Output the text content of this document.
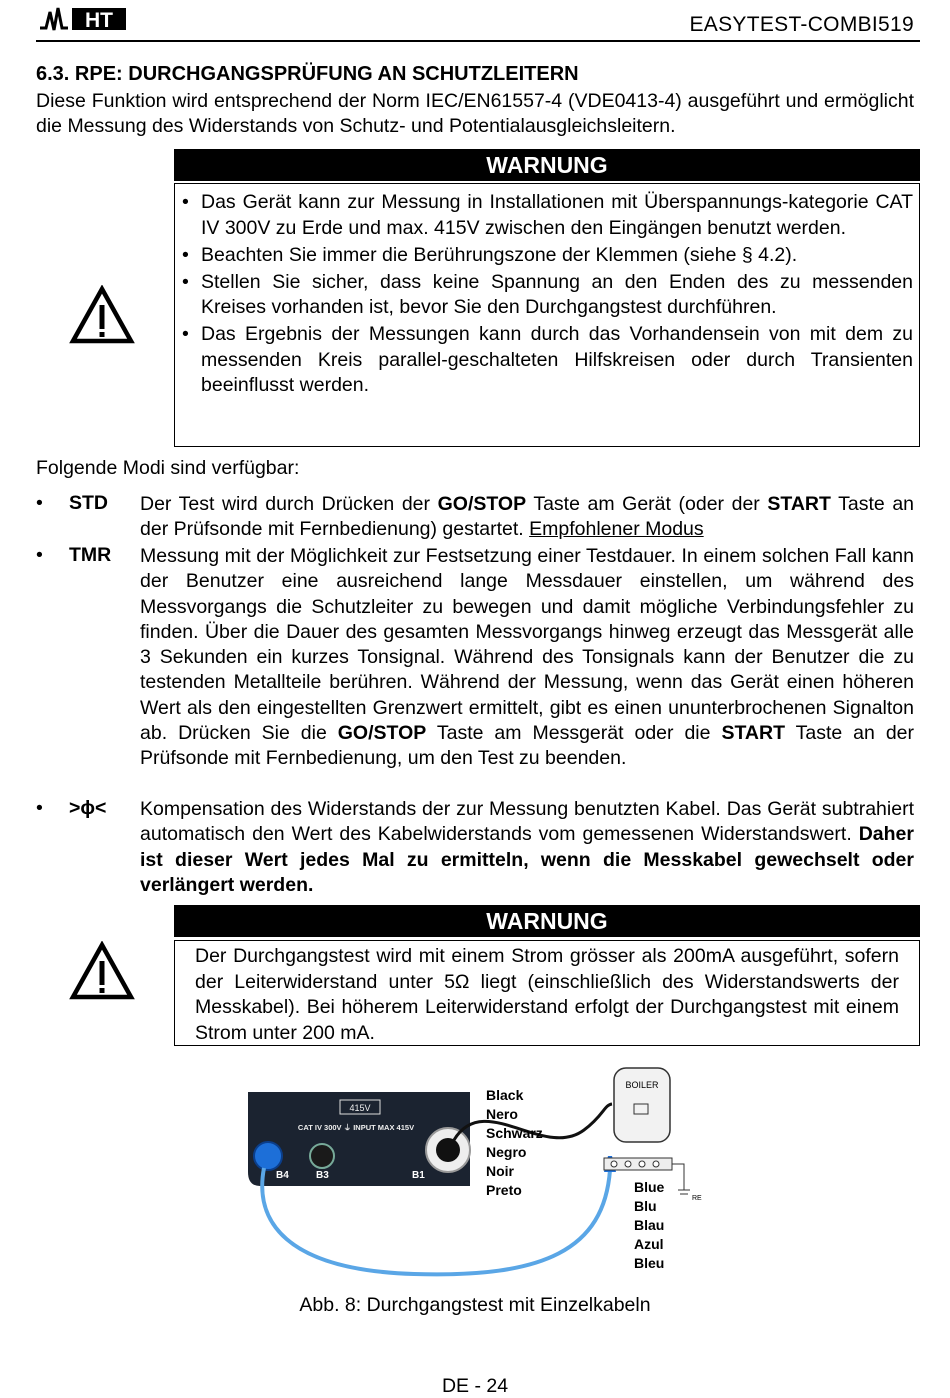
HT	EASYTEST-COMBI519
6.3. RPE: DURCHGANGSPRÜFUNG AN SCHUTZLEITERN
Diese Funktion wird entsprechend der Norm IEC/EN61557-4 (VDE0413-4) ausgeführt und ermöglicht die Messung des Widerstands von Schutz- und Potentialausgleichsleitern.
WARNUNG
• Das Gerät kann zur Messung in Installationen mit Überspannungs-kategorie CAT IV 300V zu Erde und max. 415V zwischen den Eingängen benutzt werden.
• Beachten Sie immer die Berührungszone der Klemmen (siehe § 4.2).
• Stellen Sie sicher, dass keine Spannung an den Enden des zu messenden Kreises vorhanden ist, bevor Sie den Durchgangstest durchführen.
• Das Ergebnis der Messungen kann durch das Vorhandensein von mit dem zu messenden Kreis parallel-geschalteten Hilfskreisen oder durch Transienten beeinflusst werden.
Folgende Modi sind verfügbar:
• STD Der Test wird durch Drücken der GO/STOP Taste am Gerät (oder der START Taste an der Prüfsonde mit Fernbedienung) gestartet. Empfohlener Modus
• TMR Messung mit der Möglichkeit zur Festsetzung einer Testdauer. In einem solchen Fall kann der Benutzer eine ausreichend lange Messdauer einstellen, um während des Messvorgangs die Schutzleiter zu bewegen und damit mögliche Verbindungsfehler zu finden. Über die Dauer des gesamten Messvorgangs hinweg erzeugt das Messgerät alle 3 Sekunden ein kurzes Tonsignal. Während des Tonsignals kann der Benutzer die zu testenden Metallteile berühren. Während der Messung, wenn das Gerät einen höheren Wert als den eingestellten Grenzwert ermittelt, gibt es einen ununterbrochenen Signalton ab. Drücken Sie die GO/STOP Taste am Messgerät oder die START Taste an der Prüfsonde mit Fernbedienung, um den Test zu beenden.
• >ϕ< Kompensation des Widerstands der zur Messung benutzten Kabel. Das Gerät subtrahiert automatisch den Wert des Kabelwiderstands vom gemessenen Widerstandswert. Daher ist dieser Wert jedes Mal zu ermitteln, wenn die Messkabel gewechselt oder verlängert werden.
WARNUNG
Der Durchgangstest wird mit einem Strom grösser als 200mA ausgeführt, sofern der Leiterwiderstand unter 5Ω liegt (einschließlich des Widerstandswerts der Messkabel). Bei höherem Leiterwiderstand erfolgt der Durchgangstest mit einem Strom unter 200 mA.
415V
CAT IV 300V ⏚ INPUT MAX 415V
B4	B3	B1
Black
Nero
Schwarz
Negro
Noir
Preto
BOILER
RE
Blue
Blu
Blau
Azul
Bleu
Abb. 8: Durchgangstest mit Einzelkabeln
DE - 24
